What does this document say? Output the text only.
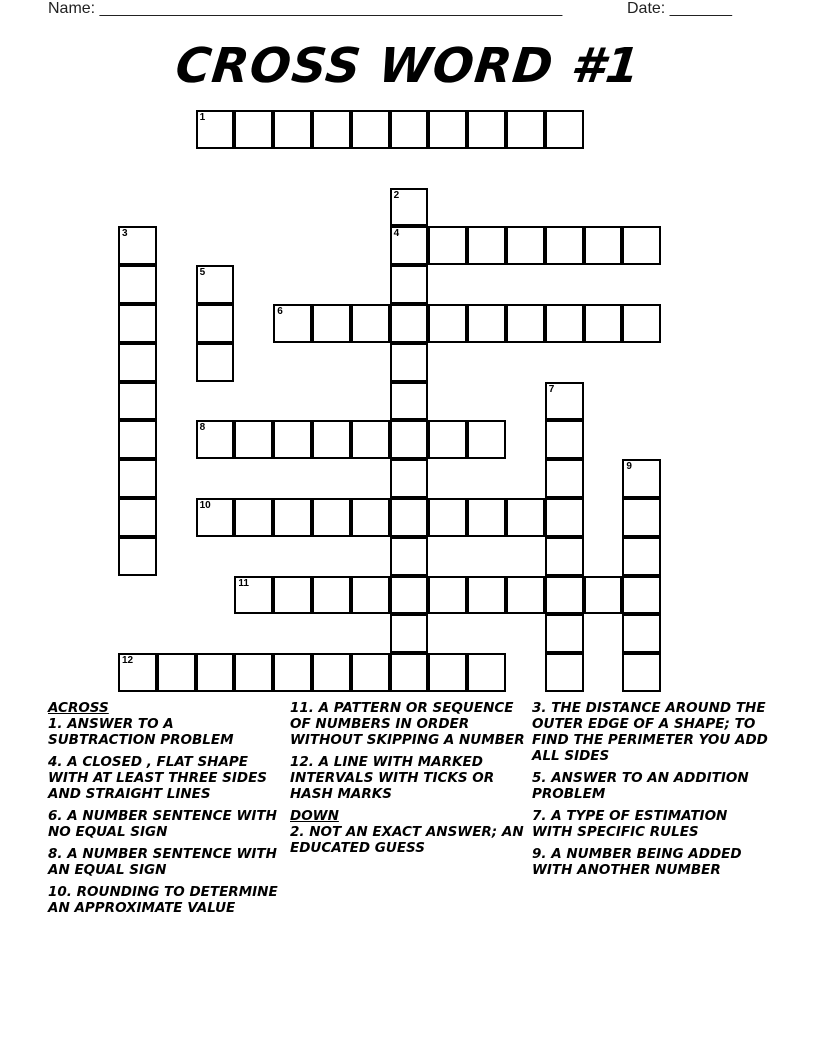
Name: ____________________________________________________	Date: _______
CROSS WORD #1
1
2
4
3
5
6
7
8
9
10
11
12
ACROSS
1. ANSWER TO A SUBTRACTION PROBLEM
4. A CLOSED , FLAT SHAPE WITH AT LEAST THREE SIDES AND STRAIGHT LINES
6. A NUMBER SENTENCE WITH NO EQUAL SIGN
8. A NUMBER SENTENCE WITH AN EQUAL SIGN
10. ROUNDING TO DETERMINE AN APPROXIMATE VALUE
11. A PATTERN OR SEQUENCE OF NUMBERS IN ORDER WITHOUT SKIPPING A NUMBER
12. A LINE WITH MARKED INTERVALS WITH TICKS OR HASH MARKS
DOWN
2. NOT AN EXACT ANSWER; AN EDUCATED GUESS
3. THE DISTANCE AROUND THE OUTER EDGE OF A SHAPE; TO FIND THE PERIMETER YOU ADD ALL SIDES
5. ANSWER TO AN ADDITION PROBLEM
7. A TYPE OF ESTIMATION WITH SPECIFIC RULES
9. A NUMBER BEING ADDED WITH ANOTHER NUMBER
